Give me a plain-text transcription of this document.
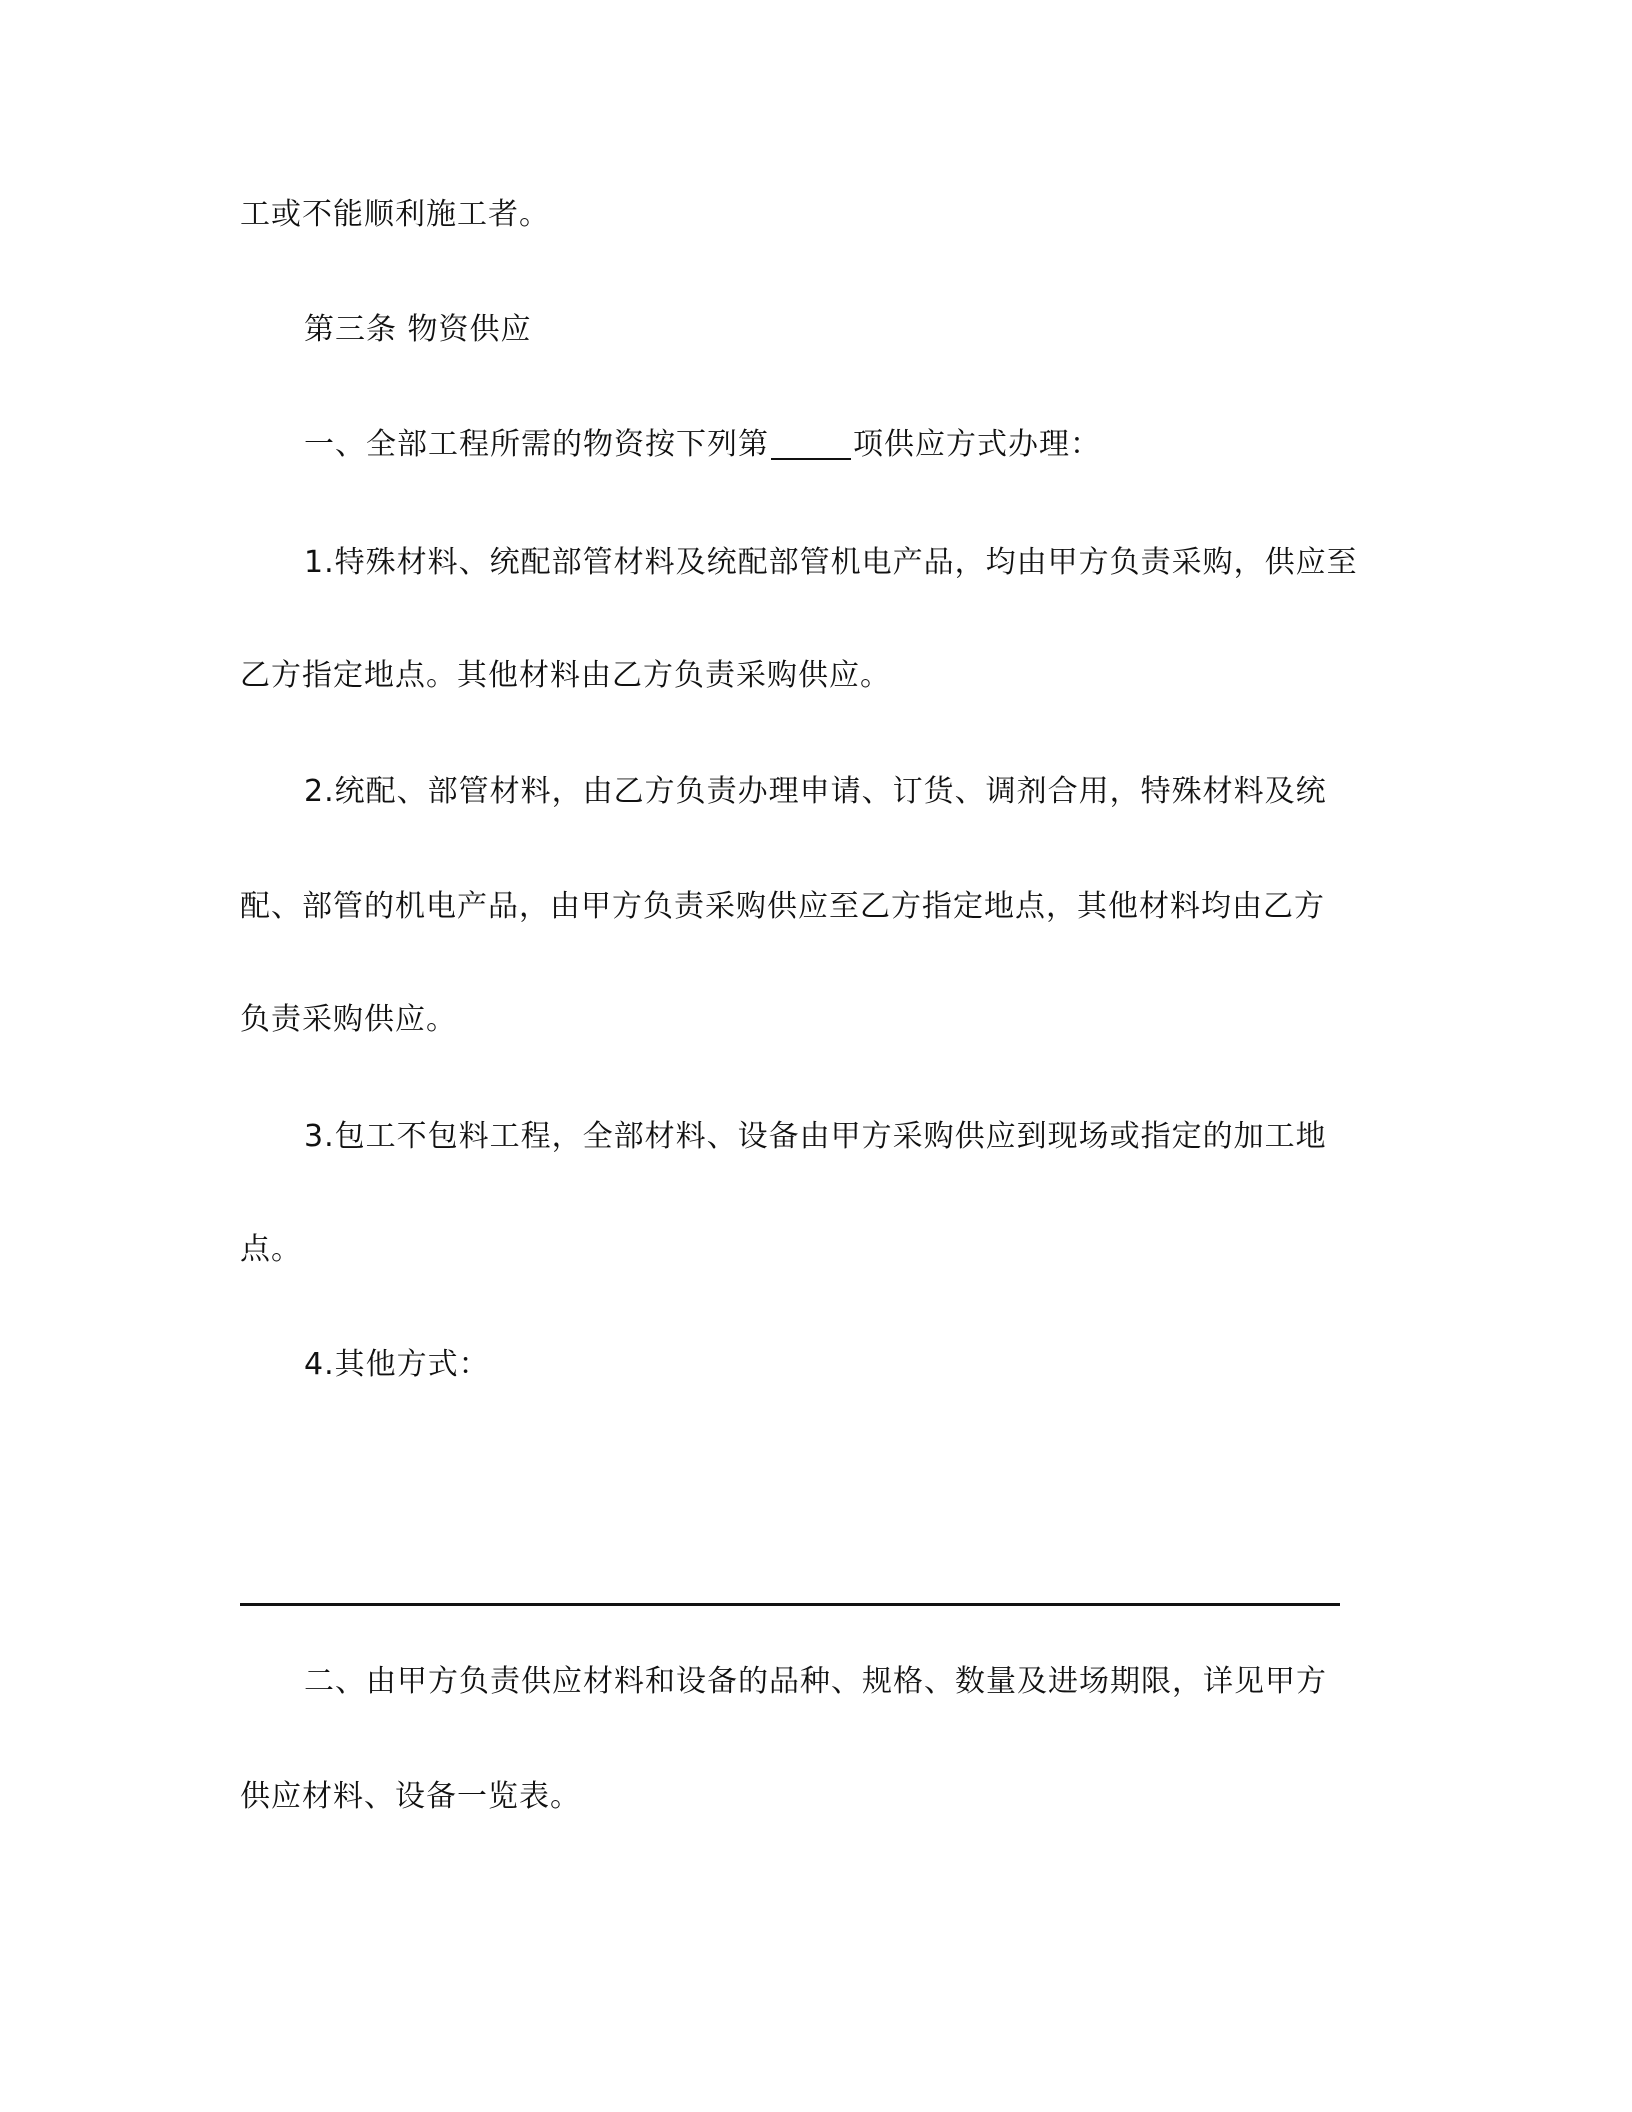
工或不能顺利施工者。
第三条 物资供应
一、全部工程所需的物资按下列第	项供应方式办理：
1.特殊材料、统配部管材料及统配部管机电产品，均由甲方负责采购，供应至
乙方指定地点。其他材料由乙方负责采购供应。
2.统配、部管材料，由乙方负责办理申请、订货、调剂合用，特殊材料及统
配、部管的机电产品，由甲方负责采购供应至乙方指定地点，其他材料均由乙方
负责采购供应。
3.包工不包料工程，全部材料、设备由甲方采购供应到现场或指定的加工地
点。
4.其他方式：
二、由甲方负责供应材料和设备的品种、规格、数量及进场期限，详见甲方
供应材料、设备一览表。
